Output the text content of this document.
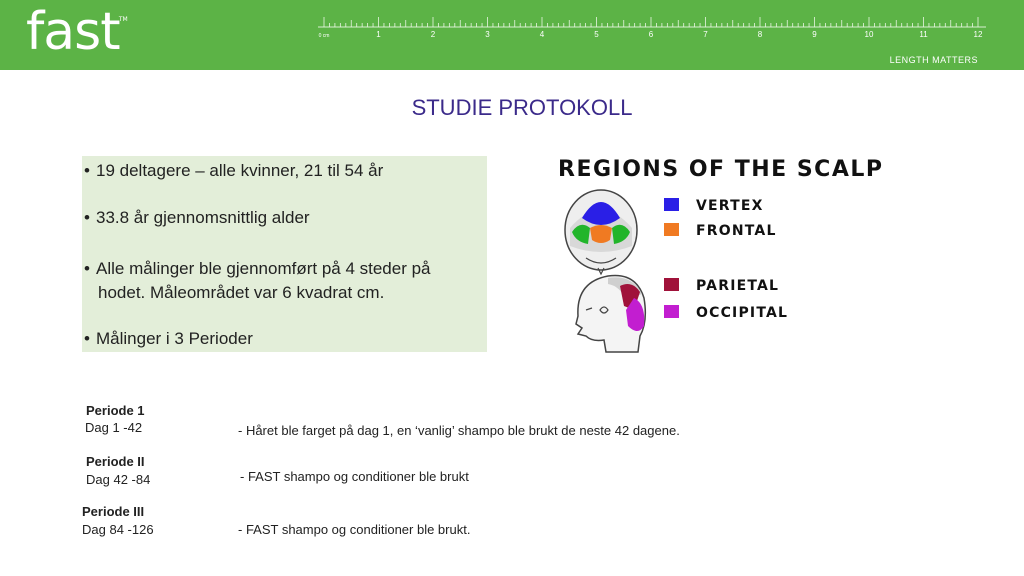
fast TM
0 cm	1	2	3	4	5	6	7	8	9	10	11	12
LENGTH MATTERS
STUDIE PROTOKOLL
• 19 deltagere – alle kvinner, 21 til 54 år
• 33.8 år gjennomsnittlig alder
• Alle målinger ble gjennomført på 4 steder på
hodet. Måleområdet var 6 kvadrat cm.
• Målinger i 3 Perioder
REGIONS OF THE SCALP
VERTEX
FRONTAL
PARIETAL
OCCIPITAL
Periode 1
Dag 1 -42	- Håret ble farget på dag 1, en ‘vanlig’ shampo ble brukt de neste 42 dagene.
Periode II
Dag 42 -84	- FAST shampo og conditioner ble brukt
Periode III
Dag 84 -126	- FAST shampo og conditioner ble brukt.
